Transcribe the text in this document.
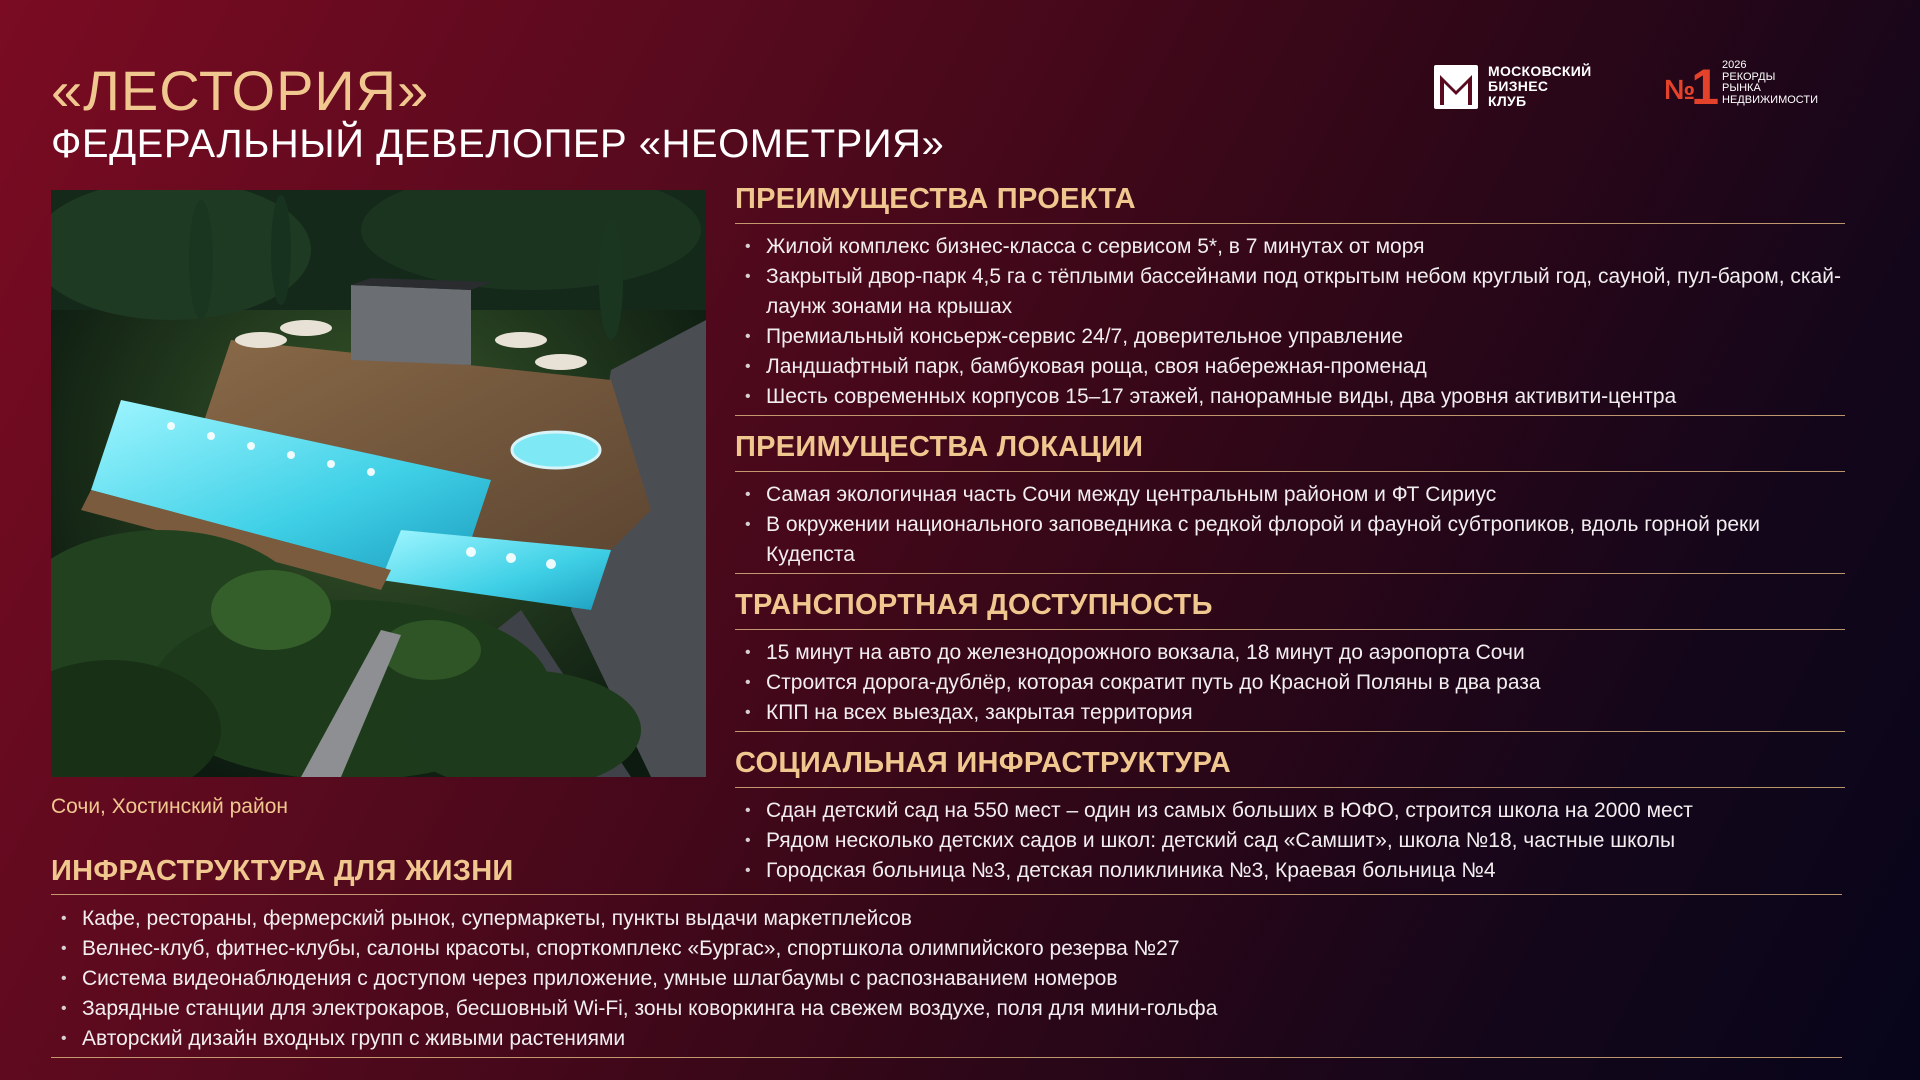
«ЛЕСТОРИЯ»
ФЕДЕРАЛЬНЫЙ ДЕВЕЛОПЕР «НЕОМЕТРИЯ»
МОСКОВСКИЙ
БИЗНЕС
КЛУБ	№
1 2026
РЕКОРДЫ
РЫНКА
НЕДВИЖИМОСТИ

Сочи, Хостинский район

ПРЕИМУЩЕСТВА ПРОЕКТА
• Жилой комплекс бизнес-класса с сервисом 5*, в 7 минутах от моря
• Закрытый двор-парк 4,5 га с тёплыми бассейнами под открытым небом круглый год, сауной, пул-баром, скай-лаунж зонами на крышах
• Премиальный консьерж-сервис 24/7, доверительное управление
• Ландшафтный парк, бамбуковая роща, своя набережная-променад
• Шесть современных корпусов 15–17 этажей, панорамные виды, два уровня активити-центра
ПРЕИМУЩЕСТВА ЛОКАЦИИ
• Самая экологичная часть Сочи между центральным районом и ФТ Сириус
• В окружении национального заповедника с редкой флорой и фауной субтропиков, вдоль горной реки Кудепста
ТРАНСПОРТНАЯ ДОСТУПНОСТЬ
• 15 минут на авто до железнодорожного вокзала, 18 минут до аэропорта Сочи
• Строится дорога-дублёр, которая сократит путь до Красной Поляны в два раза
• КПП на всех выездах, закрытая территория
СОЦИАЛЬНАЯ ИНФРАСТРУКТУРА
• Сдан детский сад на 550 мест – один из самых больших в ЮФО, строится школа на 2000 мест
• Рядом несколько детских садов и школ: детский сад «Самшит», школа №18, частные школы
• Городская больница №3, детская поликлиника №3, Краевая больница №4
ИНФРАСТРУКТУРА ДЛЯ ЖИЗНИ
• Кафе, рестораны, фермерский рынок, супермаркеты, пункты выдачи маркетплейсов
• Велнес-клуб, фитнес-клубы, салоны красоты, спорткомплекс «Бургас», спортшкола олимпийского резерва №27
• Система видеонаблюдения с доступом через приложение, умные шлагбаумы с распознаванием номеров
• Зарядные станции для электрокаров, бесшовный Wi-Fi, зоны коворкинга на свежем воздухе, поля для мини-гольфа
• Авторский дизайн входных групп с живыми растениями
